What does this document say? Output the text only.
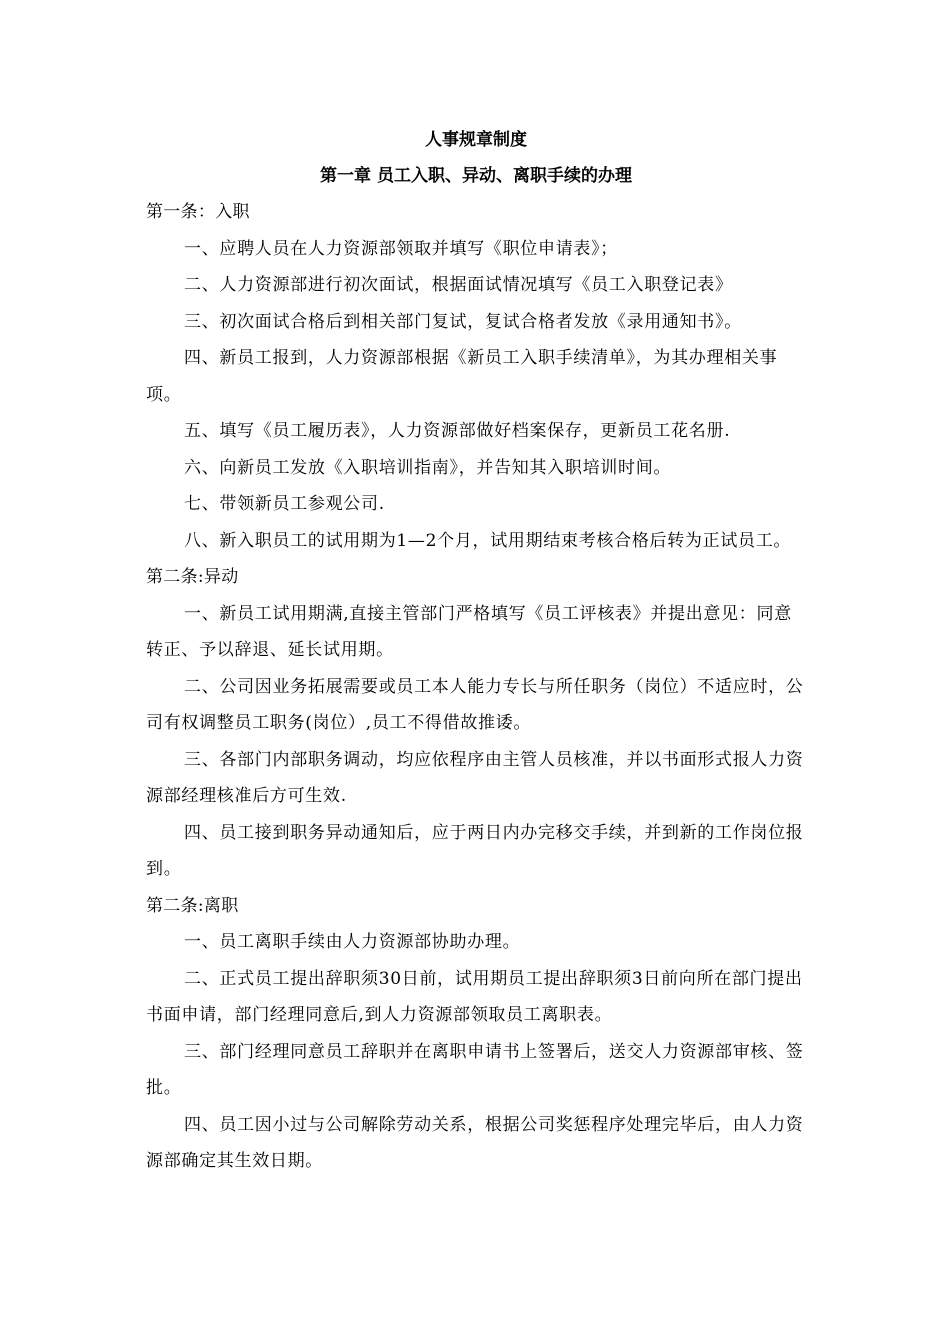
人事规章制度
第一章 员工入职、异动、离职手续的办理
第一条：入职

一、应聘人员在人力资源部领取并填写《职位申请表》；

二、人力资源部进行初次面试，根据面试情况填写《员工入职登记表》

三、初次面试合格后到相关部门复试，复试合格者发放《录用通知书》。

四、新员工报到，人力资源部根据《新员工入职手续清单》，为其办理相关事项。

五、填写《员工履历表》，人力资源部做好档案保存，更新员工花名册.

六、向新员工发放《入职培训指南》，并告知其入职培训时间。

七、带领新员工参观公司.

八、新入职员工的试用期为1—2个月，试用期结束考核合格后转为正试员工。

第二条:异动

一、新员工试用期满,直接主管部门严格填写《员工评核表》并提出意见：同意转正、予以辞退、延长试用期。

二、公司因业务拓展需要或员工本人能力专长与所任职务（岗位）不适应时，公司有权调整员工职务(岗位）,员工不得借故推诿。

三、各部门内部职务调动，均应依程序由主管人员核准，并以书面形式报人力资源部经理核准后方可生效.

四、员工接到职务异动通知后，应于两日内办完移交手续，并到新的工作岗位报到。

第二条:离职

一、员工离职手续由人力资源部协助办理。

二、正式员工提出辞职须30日前，试用期员工提出辞职须3日前向所在部门提出书面申请，部门经理同意后,到人力资源部领取员工离职表。

三、部门经理同意员工辞职并在离职申请书上签署后，送交人力资源部审核、签批。

四、员工因小过与公司解除劳动关系，根据公司奖惩程序处理完毕后，由人力资源部确定其生效日期。
